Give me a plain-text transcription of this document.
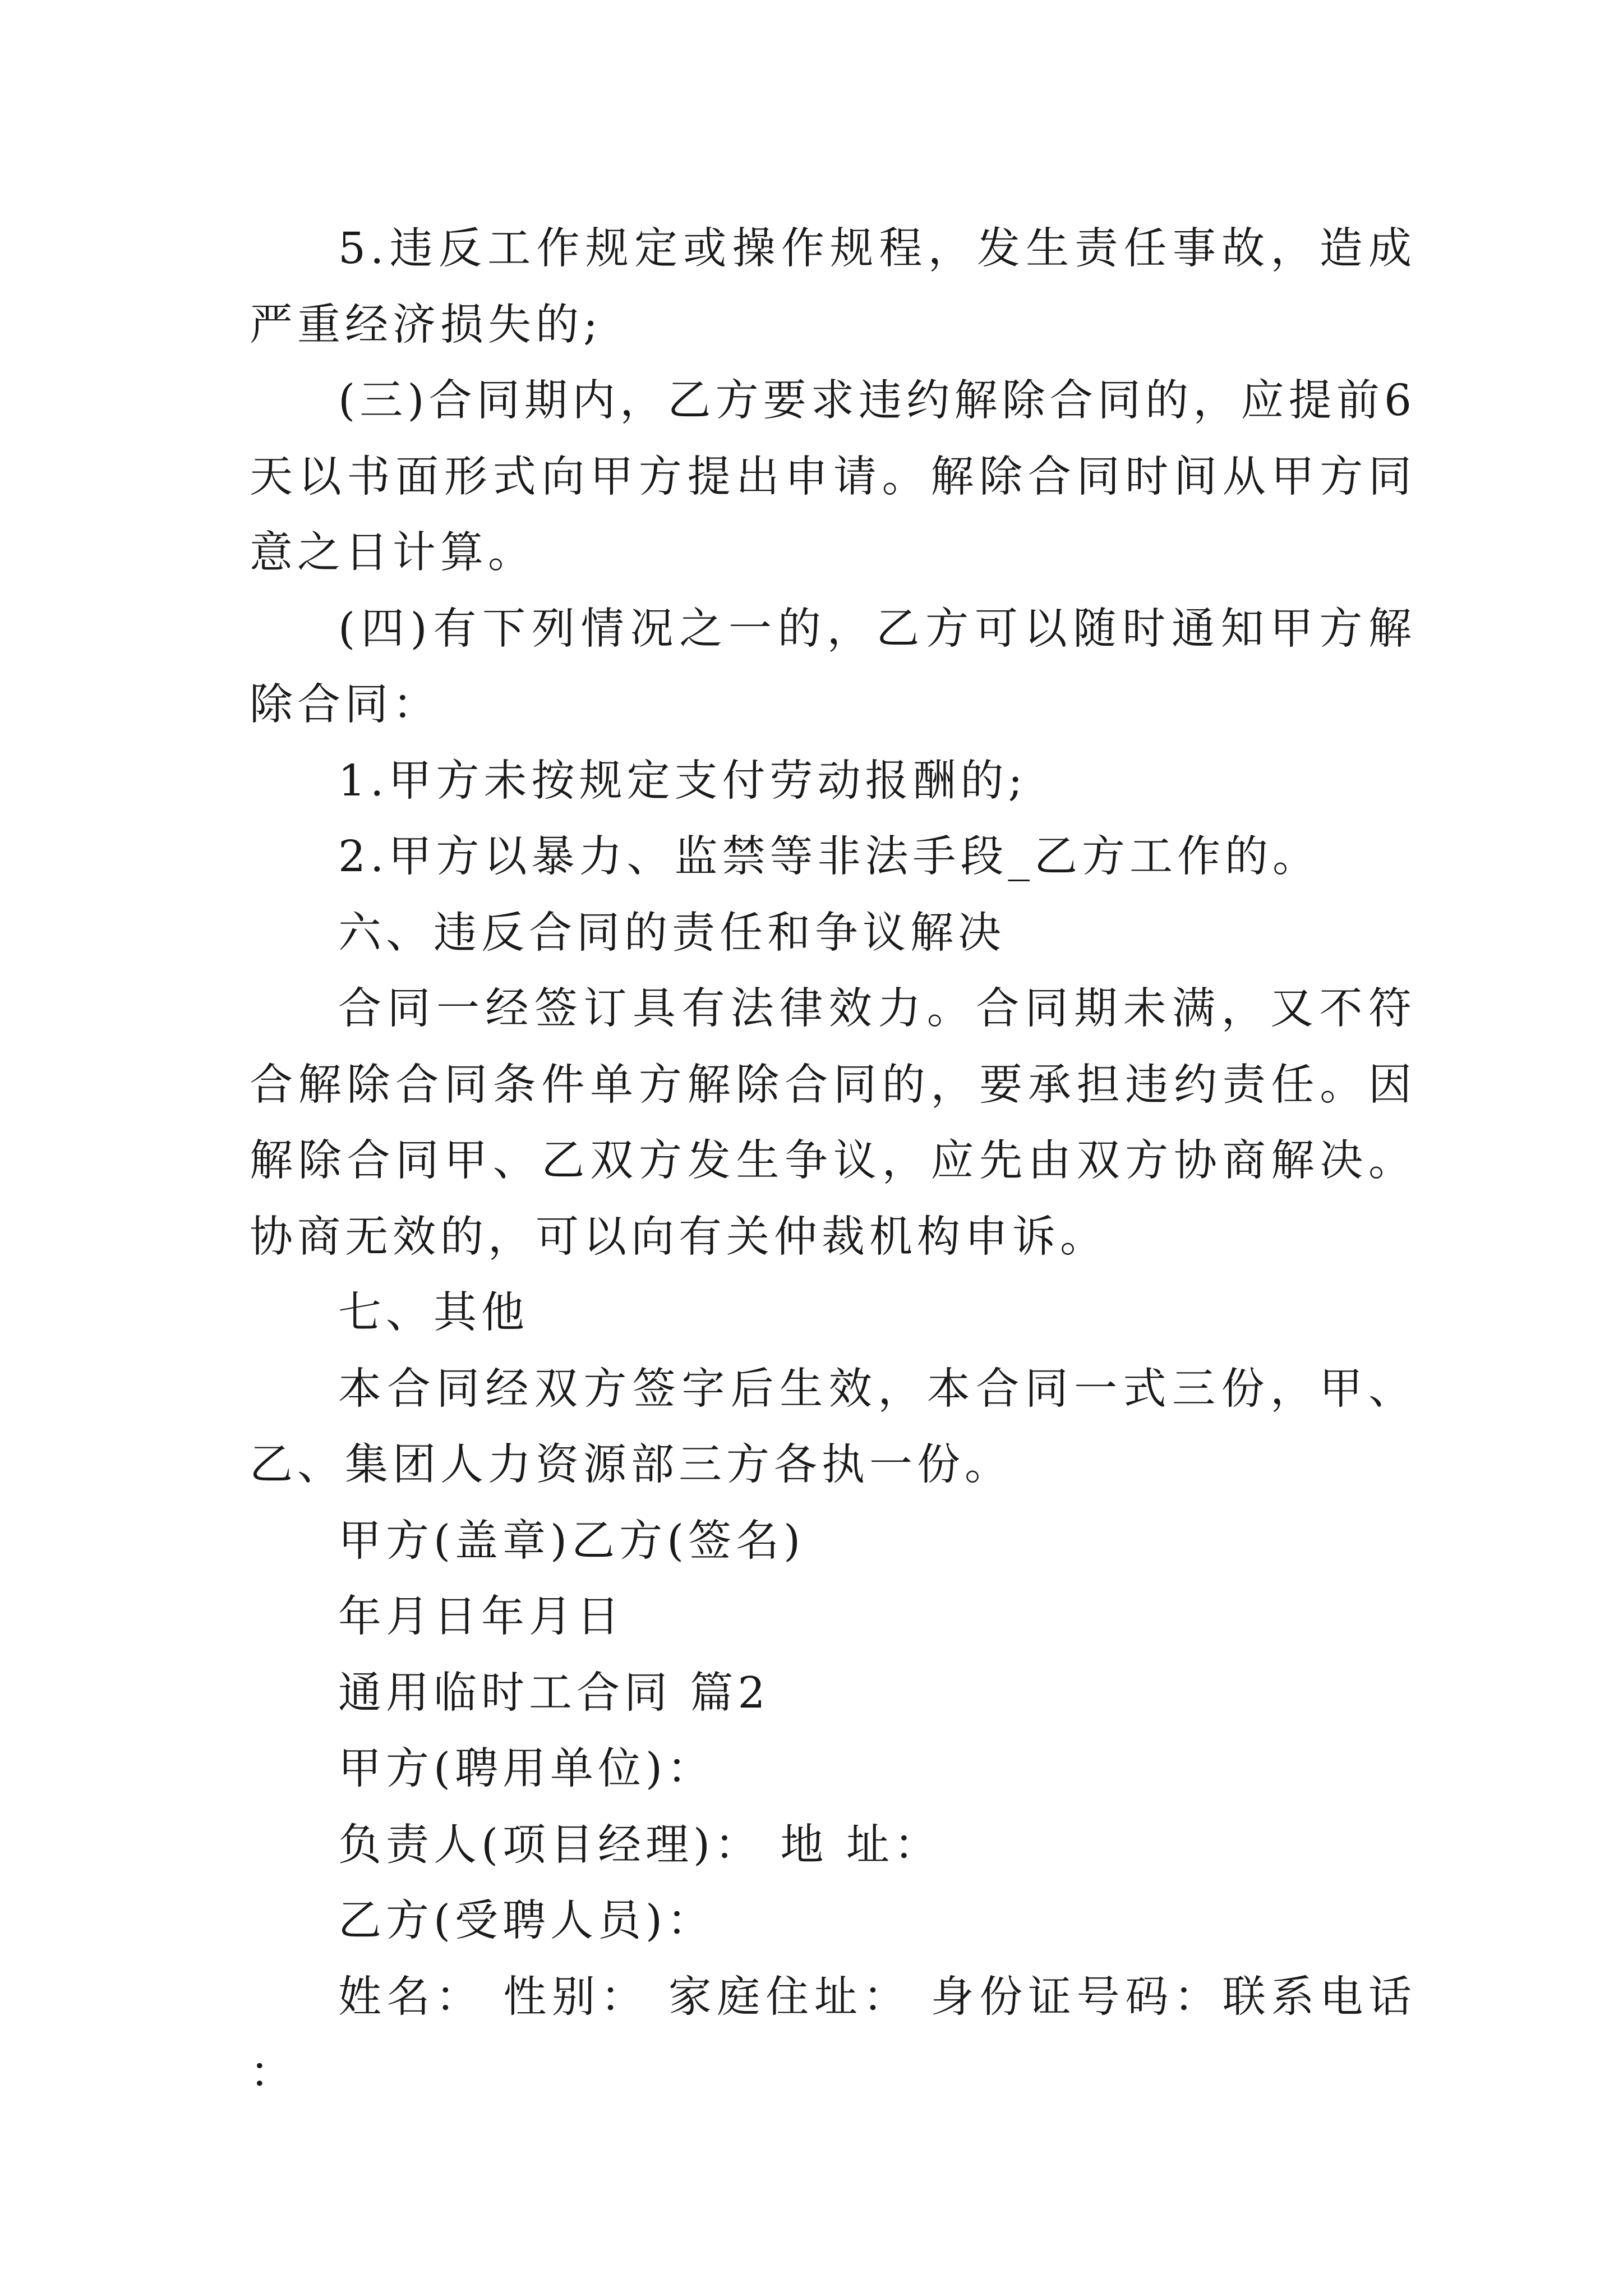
5.违反工作规定或操作规程，发生责任事故，造成严重经济损失的;

(三)合同期内，乙方要求违约解除合同的，应提前6天以书面形式向甲方提出申请。解除合同时间从甲方同意之日计算。

(四)有下列情况之一的，乙方可以随时通知甲方解除合同：

1.甲方未按规定支付劳动报酬的;

2.甲方以暴力、监禁等非法手段_乙方工作的。

六、违反合同的责任和争议解决

合同一经签订具有法律效力。合同期未满，又不符合解除合同条件单方解除合同的，要承担违约责任。因解除合同甲、乙双方发生争议，应先由双方协商解决。协商无效的，可以向有关仲裁机构申诉。

七、其他

本合同经双方签字后生效，本合同一式三份，甲、乙、集团人力资源部三方各执一份。

甲方(盖章)乙方(签名)

年月日年月日

通用临时工合同 篇2

甲方(聘用单位)：

负责人(项目经理)： 地 址：

乙方(受聘人员)：

姓名： 性别： 家庭住址： 身份证号码：联系电话 ：
